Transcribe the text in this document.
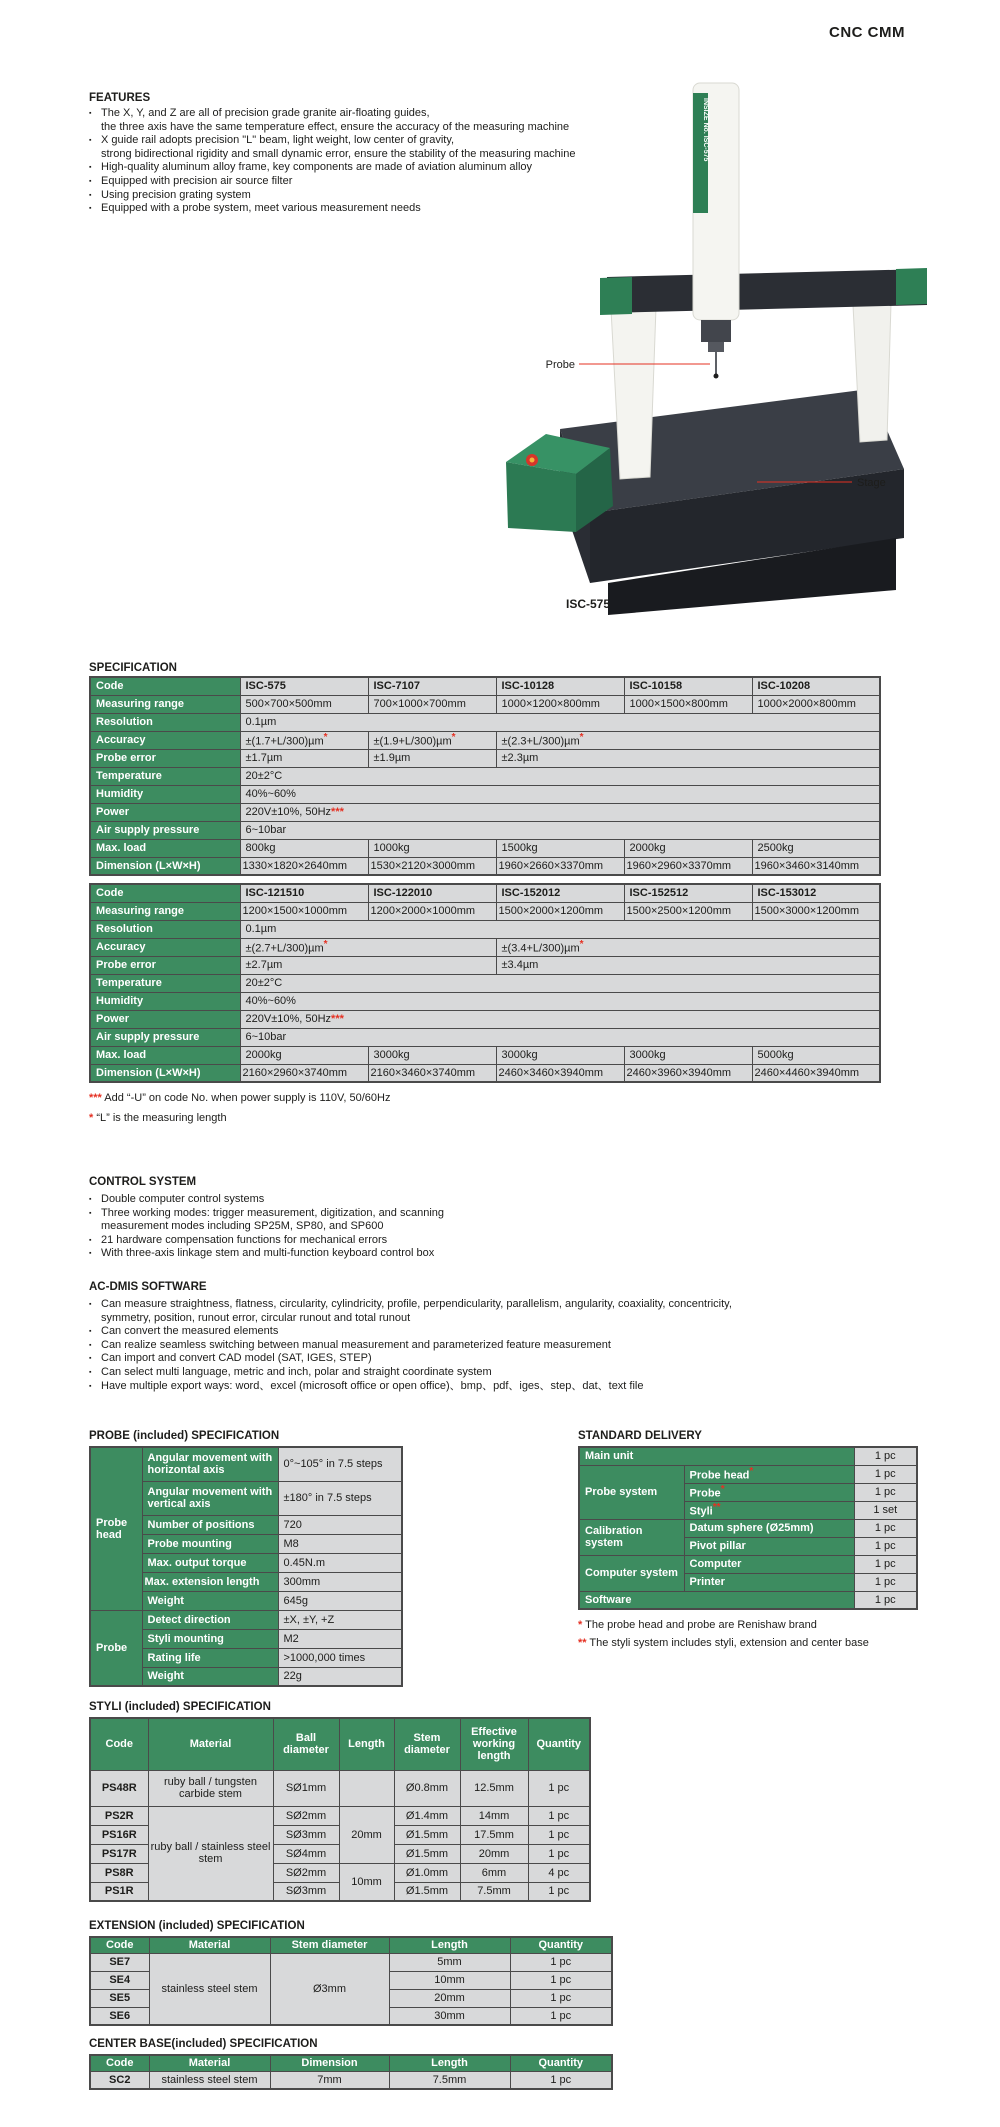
CNC CMM
FEATURES
▪ The X, Y, and Z are all of precision grade granite air-floating guides,
the three axis have the same temperature effect, ensure the accuracy of the measuring machine
▪ X guide rail adopts precision "L" beam, light weight, low center of gravity,
strong bidirectional rigidity and small dynamic error, ensure the stability of the measuring machine
▪ High-quality aluminum alloy frame, key components are made of aviation aluminum alloy
▪ Equipped with precision air source filter
▪ Using precision grating system
▪ Equipped with a probe system, meet various measurement needs
INSIZE No. ISC-575
Probe
Stage
ISC-575
SPECIFICATION
Code	ISC-575	ISC-7107	ISC-10128	ISC-10158	ISC-10208
Measuring range	500×700×500mm	700×1000×700mm	1000×1200×800mm	1000×1500×800mm	1000×2000×800mm
Resolution	0.1µm				
Accuracy	±(1.7+L/300)µm*	±(1.9+L/300)µm*	±(2.3+L/300)µm*		
Probe error	±1.7µm	±1.9µm	±2.3µm		
Temperature	20±2°C				
Humidity	40%~60%				
Power	220V±10%, 50Hz***				
Air supply pressure	6~10bar				
Max. load	800kg	1000kg	1500kg	2000kg	2500kg
Dimension (L×W×H)	1330×1820×2640mm	1530×2120×3000mm	1960×2660×3370mm	1960×2960×3370mm	1960×3460×3140mm
Code	ISC-121510	ISC-122010	ISC-152012	ISC-152512	ISC-153012
Measuring range	1200×1500×1000mm	1200×2000×1000mm	1500×2000×1200mm	1500×2500×1200mm	1500×3000×1200mm
Resolution	0.1µm				
Accuracy	±(2.7+L/300)µm*		±(3.4+L/300)µm*		
Probe error	±2.7µm		±3.4µm		
Temperature	20±2°C				
Humidity	40%~60%				
Power	220V±10%, 50Hz***				
Air supply pressure	6~10bar				
Max. load	2000kg	3000kg	3000kg	3000kg	5000kg
Dimension (L×W×H)	2160×2960×3740mm	2160×3460×3740mm	2460×3460×3940mm	2460×3960×3940mm	2460×4460×3940mm
*** Add “-U” on code No. when power supply is 110V, 50/60Hz
* “L” is the measuring length
CONTROL SYSTEM
▪ Double computer control systems
▪ Three working modes: trigger measurement, digitization, and scanning
measurement modes including SP25M, SP80, and SP600
▪ 21 hardware compensation functions for mechanical errors
▪ With three-axis linkage stem and multi-function keyboard control box
AC-DMIS SOFTWARE
▪ Can measure straightness, flatness, circularity, cylindricity, profile, perpendicularity, parallelism, angularity, coaxiality, concentricity,
symmetry, position, runout error, circular runout and total runout
▪ Can convert the measured elements
▪ Can realize seamless switching between manual measurement and parameterized feature measurement
▪ Can import and convert CAD model (SAT, IGES, STEP)
▪ Can select multi language, metric and inch, polar and straight coordinate system
▪ Have multiple export ways: word、excel (microsoft office or open office)、bmp、pdf、iges、step、dat、text file
PROBE (included) SPECIFICATION
Probe head	Angular movement with horizontal axis	0°~105° in 7.5 steps
	Angular movement with vertical axis	±180° in 7.5 steps
	Number of positions	720
	Probe mounting	M8
	Max. output torque	0.45N.m
	Max. extension length	300mm
	Weight	645g
Probe	Detect direction	±X, ±Y, +Z
	Styli mounting	M2
	Rating life	>1000,000 times
	Weight	22g
STANDARD DELIVERY
Main unit		1 pc
Probe system	Probe head*	1 pc
	Probe*	1 pc
	Styli**	1 set
Calibration system	Datum sphere (Ø25mm)	1 pc
	Pivot pillar	1 pc
Computer system	Computer	1 pc
	Printer	1 pc
Software		1 pc
* The probe head and probe are Renishaw brand
** The styli system includes styli, extension and center base
STYLI (included) SPECIFICATION
Code	Material	Ball diameter	Length	Stem diameter	Effective working length	Quantity
PS48R	ruby ball / tungsten carbide stem	SØ1mm		Ø0.8mm	12.5mm	1 pc
PS2R	ruby ball / stainless steel stem	SØ2mm	20mm	Ø1.4mm	14mm	1 pc
PS16R		SØ3mm		Ø1.5mm	17.5mm	1 pc
PS17R		SØ4mm		Ø1.5mm	20mm	1 pc
PS8R		SØ2mm	10mm	Ø1.0mm	6mm	4 pc
PS1R		SØ3mm		Ø1.5mm	7.5mm	1 pc
EXTENSION (included) SPECIFICATION
Code	Material	Stem diameter	Length	Quantity
SE7	stainless steel stem	Ø3mm	5mm	1 pc
SE4			10mm	1 pc
SE5			20mm	1 pc
SE6			30mm	1 pc
CENTER BASE(included) SPECIFICATION
Code	Material	Dimension	Length	Quantity
SC2	stainless steel stem	7mm	7.5mm	1 pc
